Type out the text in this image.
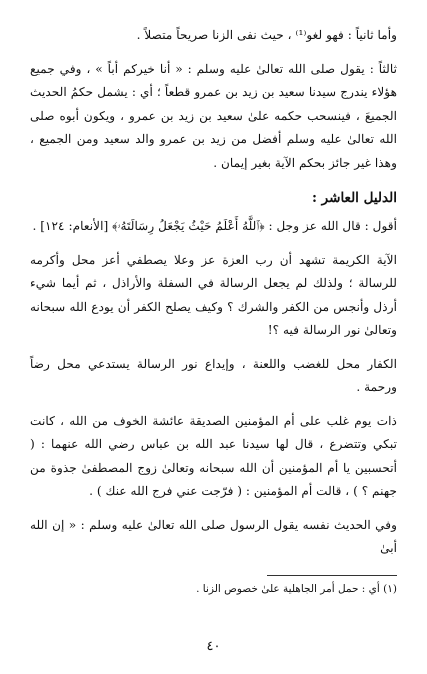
وأما ثانياً : فهو لغو⁽¹⁾ ، حيث نفى الزنا صريحاً متصلاً .

ثالثاً : يقول صلى الله تعالىٰ عليه وسلم : « أنا خيركم أباً » ، وفي جميع هؤلاء يندرج سيدنا سعيد بن زيد بن عمرو قطعاً ؛ أي : يشمل حكمُ الحديث الجميعَ ، فينسحب حكمه علىٰ سعيد بن زيد بن عمرو ، ويكون أبوه صلى الله تعالىٰ عليه وسلم أفضل من زيد بن عمرو والد سعيد ومن الجميع ، وهذا غير جائز بحكم الآية بغير إيمان .

الدليل العاشر :

أقول : قال الله عز وجل : ﴿ٱللَّهُ أَعْلَمُ حَيْثُ يَجْعَلُ رِسَالَتَهُۥ﴾ [الأنعام: ١٢٤] .

الآية الكريمة تشهد أن رب العزة عز وعلا يصطفي أعز محل وأكرمه للرسالة ؛ ولذلك لم يجعل الرسالة في السفلة والأراذل ، ثم أيما شيء أرذل وأنجس من الكفر والشرك ؟ وكيف يصلح الكفر أن يودع الله سبحانه وتعالىٰ نور الرسالة فيه ؟!

الكفار محل للغضب واللعنة ، وإيداع نور الرسالة يستدعي محل رضاً ورحمة .

ذات يوم غلب على أم المؤمنين الصديقة عائشة الخوف من الله ، كانت تبكي وتتضرع ، قال لها سيدنا عبد الله بن عباس رضي الله عنهما : ( أتحسبين يا أم المؤمنين أن الله سبحانه وتعالىٰ زوج المصطفىٰ جذوة من جهنم ؟ ) ، قالت أم المؤمنين : ( فرّجت عني فرج الله عنك ) .

وفي الحديث نفسه يقول الرسول صلى الله تعالىٰ عليه وسلم : « إن الله أبىٰ

(١) أي : حمل أمر الجاهلية علىٰ خصوص الزنا .

٤٠
